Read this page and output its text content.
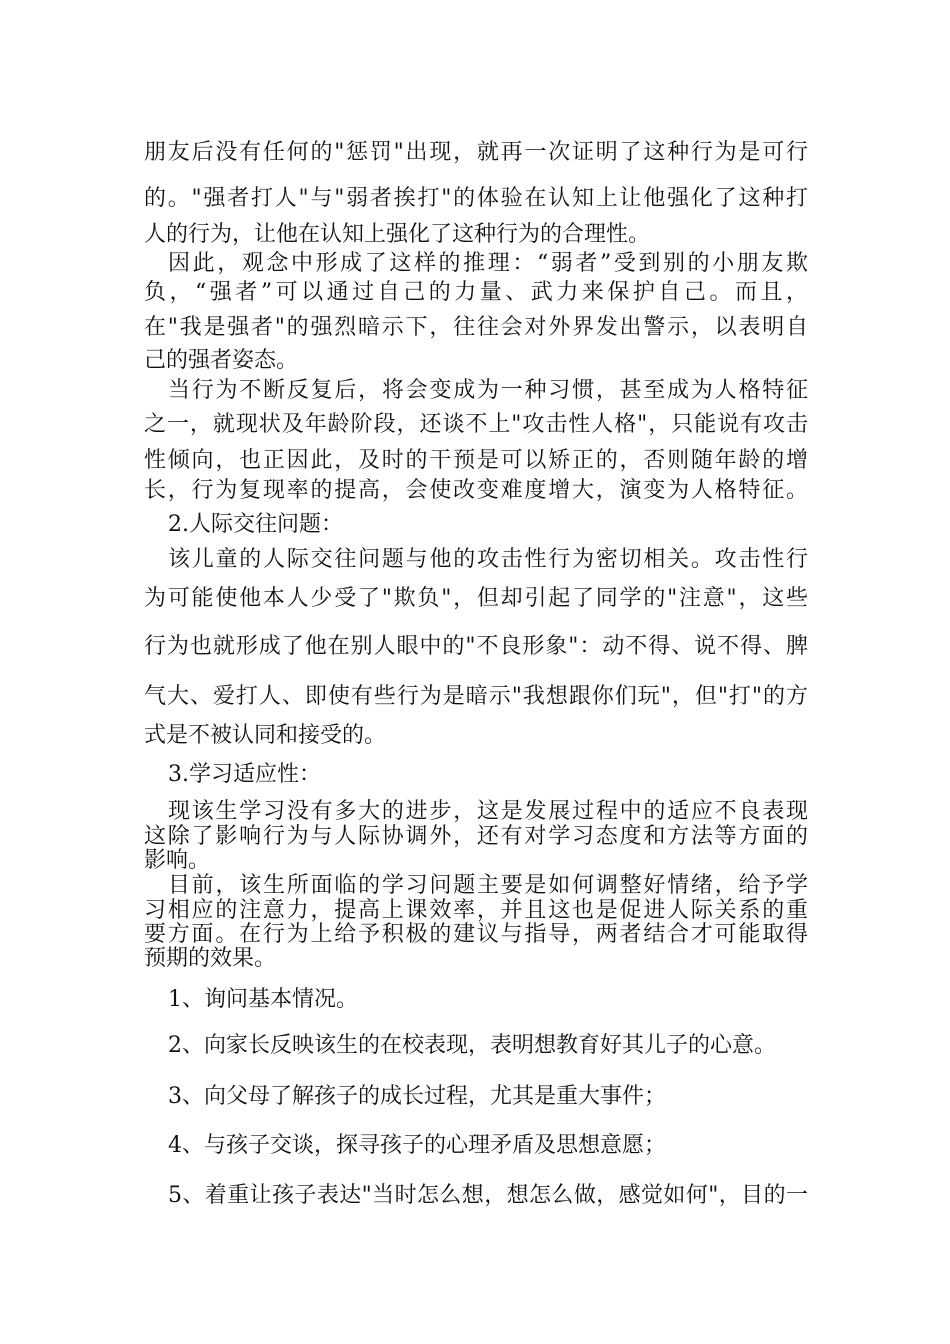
朋友后没有任何的"惩罚"出现，就再一次证明了这种行为是可行
的。"强者打人"与"弱者挨打"的体验在认知上让他强化了这种打
人的行为，让他在认知上强化了这种行为的合理性。
因此，观念中形成了这样的推理：“弱者”受到别的小朋友欺
负，“强者”可以通过自己的力量、武力来保护自己。而且，
在"我是强者"的强烈暗示下，往往会对外界发出警示，以表明自
己的强者姿态。
当行为不断反复后，将会变成为一种习惯，甚至成为人格特征
之一，就现状及年龄阶段，还谈不上"攻击性人格"，只能说有攻击
性倾向，也正因此，及时的干预是可以矫正的，否则随年龄的增
长，行为复现率的提高，会使改变难度增大，演变为人格特征。
2.人际交往问题：
该儿童的人际交往问题与他的攻击性行为密切相关。攻击性行
为可能使他本人少受了"欺负"，但却引起了同学的"注意"，这些
行为也就形成了他在别人眼中的"不良形象"：动不得、说不得、脾
气大、爱打人、即使有些行为是暗示"我想跟你们玩"，但"打"的方
式是不被认同和接受的。
3.学习适应性：
现该生学习没有多大的进步，这是发展过程中的适应不良表现
这除了影响行为与人际协调外，还有对学习态度和方法等方面的
影响。
目前，该生所面临的学习问题主要是如何调整好情绪，给予学
习相应的注意力，提高上课效率，并且这也是促进人际关系的重
要方面。在行为上给予积极的建议与指导，两者结合才可能取得
预期的效果。
1、询问基本情况。
2、向家长反映该生的在校表现，表明想教育好其儿子的心意。
3、向父母了解孩子的成长过程，尤其是重大事件；
4、与孩子交谈，探寻孩子的心理矛盾及思想意愿；
5、着重让孩子表达"当时怎么想，想怎么做，感觉如何"，目的一
